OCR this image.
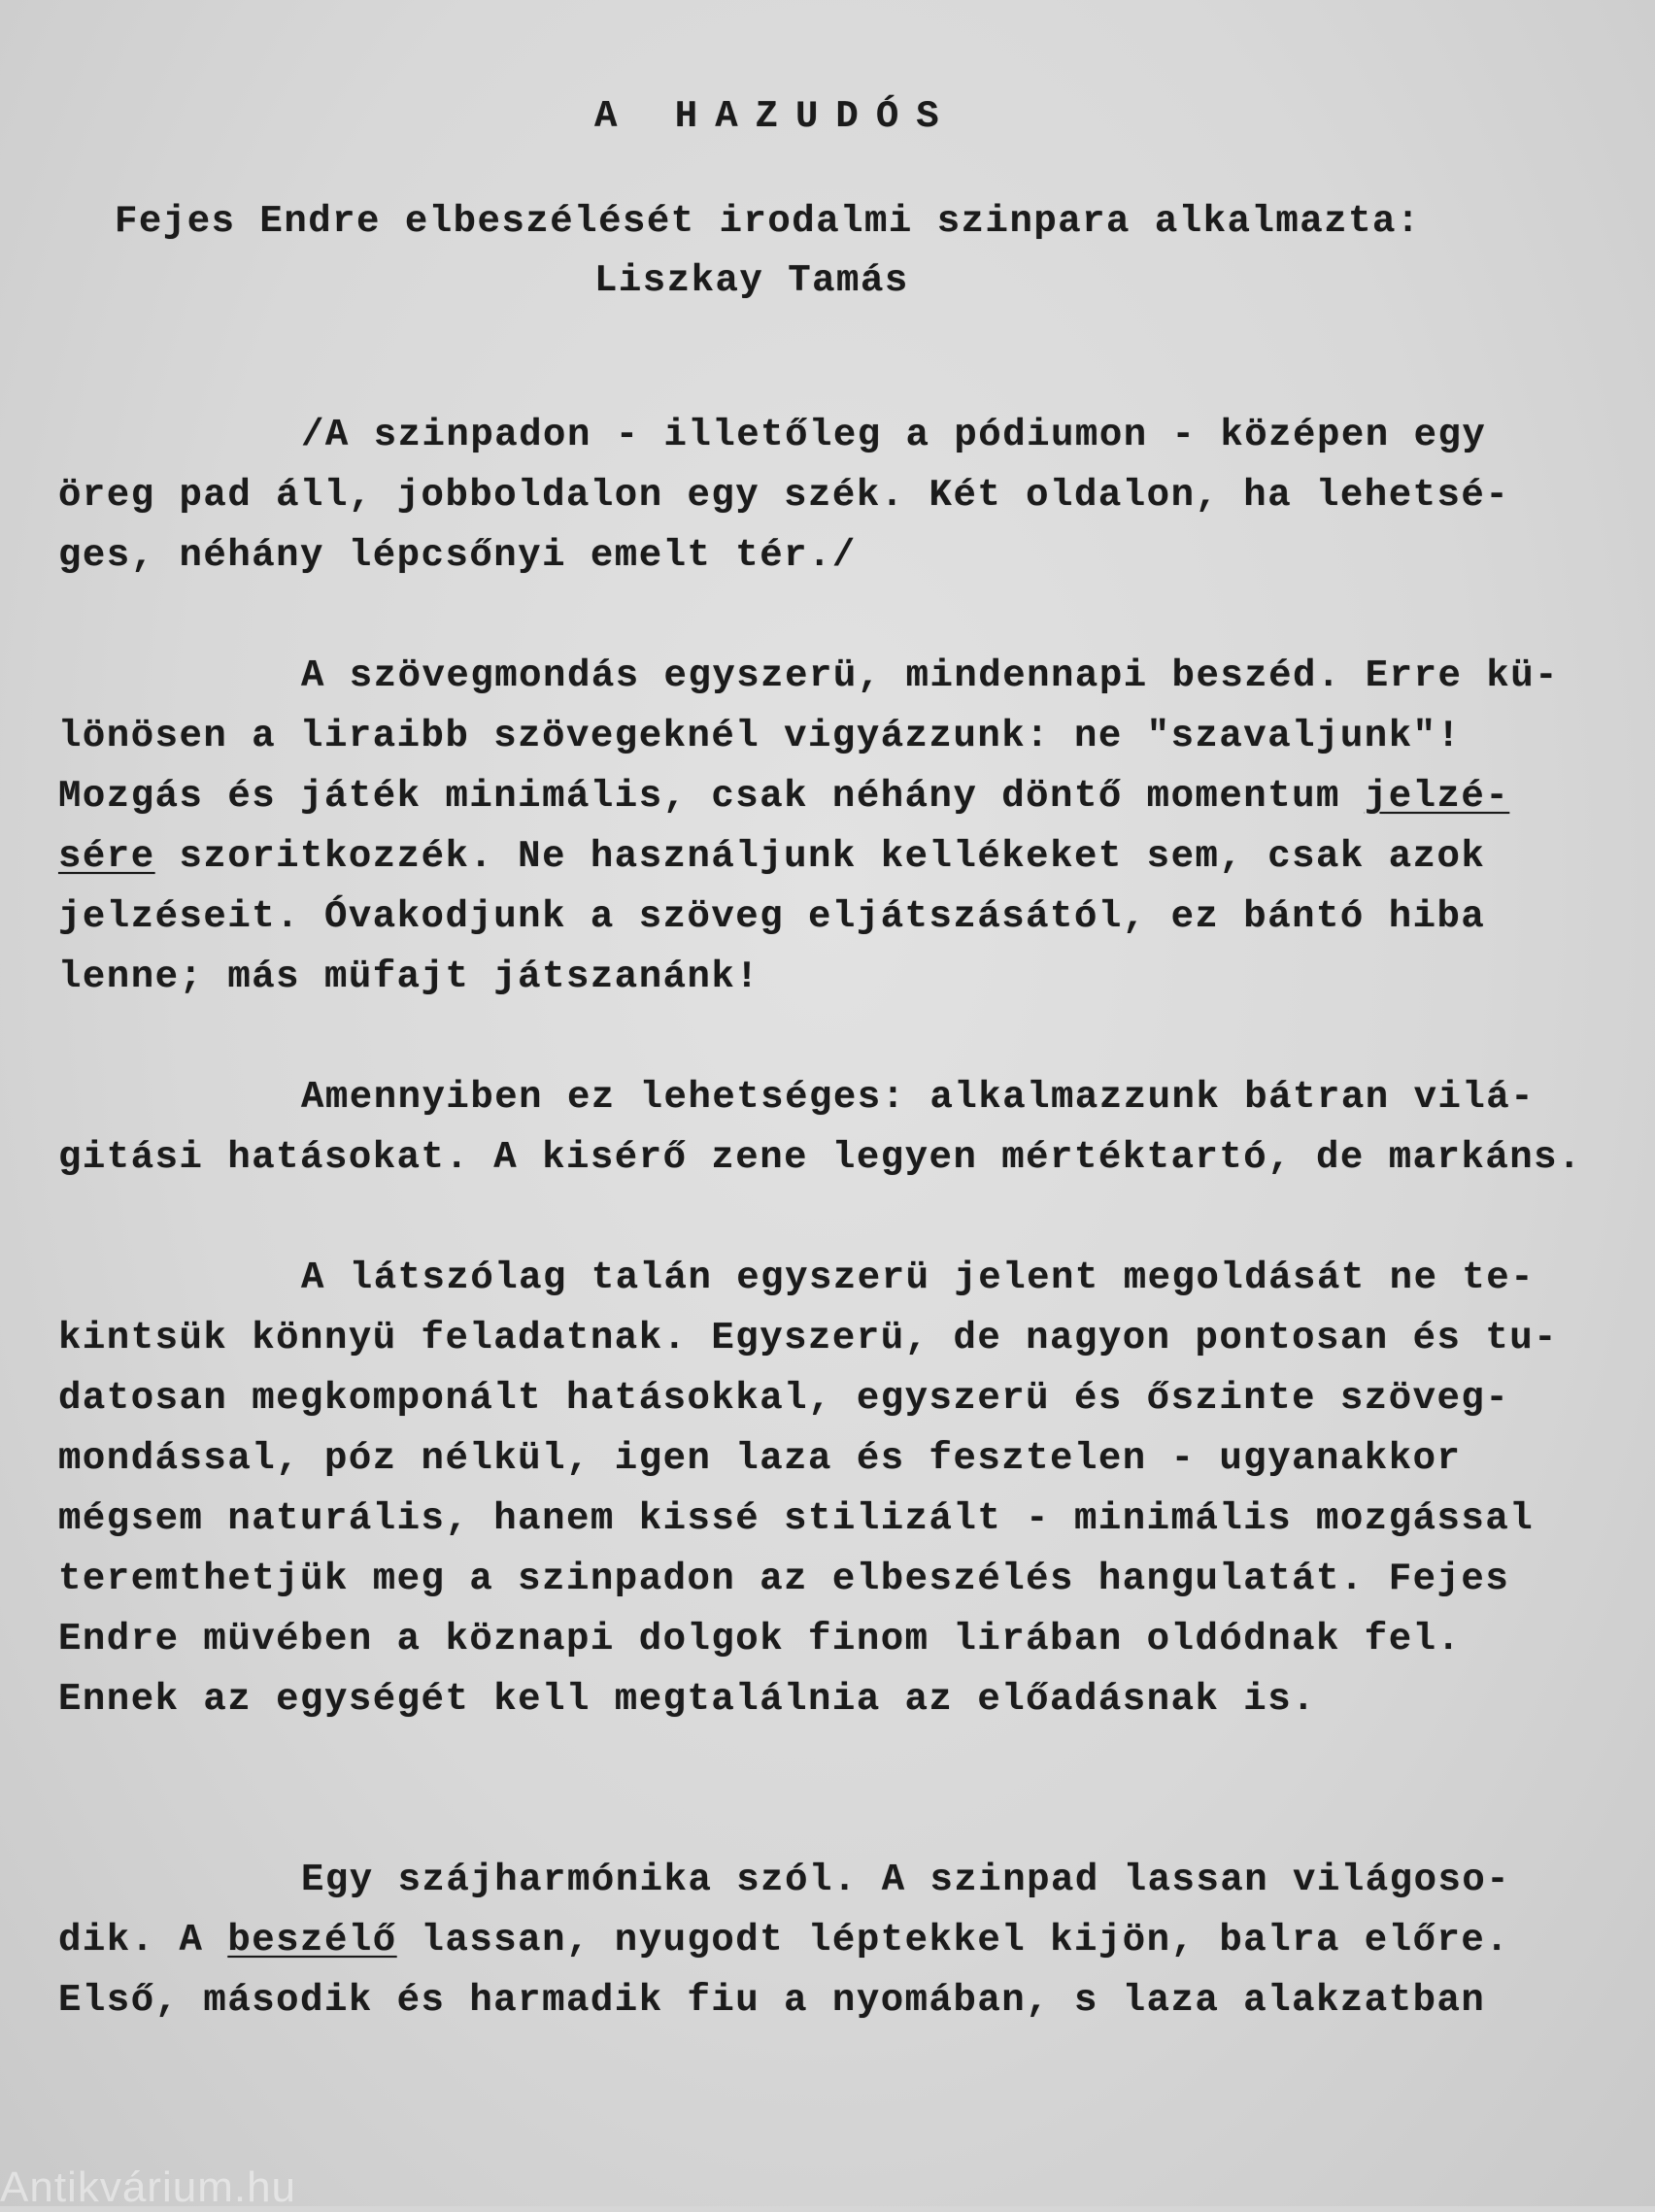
A HAZUDÓS
Fejes Endre elbeszélését irodalmi szinpara alkalmazta:
Liszkay Tamás
/A szinpadon - illetőleg a pódiumon - középen egy
öreg pad áll, jobboldalon egy szék. Két oldalon, ha lehetsé-
ges, néhány lépcsőnyi emelt tér./
A szövegmondás egyszerü, mindennapi beszéd. Erre kü-
lönösen a liraibb szövegeknél vigyázzunk: ne "szavaljunk"!
Mozgás és játék minimális, csak néhány döntő momentum jelzé-
sére szoritkozzék. Ne használjunk kellékeket sem, csak azok
jelzéseit. Óvakodjunk a szöveg eljátszásától, ez bántó hiba
lenne; más müfajt játszanánk!
Amennyiben ez lehetséges: alkalmazzunk bátran vilá-
gitási hatásokat. A kisérő zene legyen mértéktartó, de markáns.
A látszólag talán egyszerü jelent megoldását ne te-
kintsük könnyü feladatnak. Egyszerü, de nagyon pontosan és tu-
datosan megkomponált hatásokkal, egyszerü és őszinte szöveg-
mondással, póz nélkül, igen laza és fesztelen - ugyanakkor
mégsem naturális, hanem kissé stilizált - minimális mozgással
teremthetjük meg a szinpadon az elbeszélés hangulatát. Fejes
Endre müvében a köznapi dolgok finom lirában oldódnak fel.
Ennek az egységét kell megtalálnia az előadásnak is.
Egy szájharmónika szól. A szinpad lassan világoso-
dik. A beszélő lassan, nyugodt léptekkel kijön, balra előre.
Első, második és harmadik fiu a nyomában, s laza alakzatban
Antikvárium.hu
